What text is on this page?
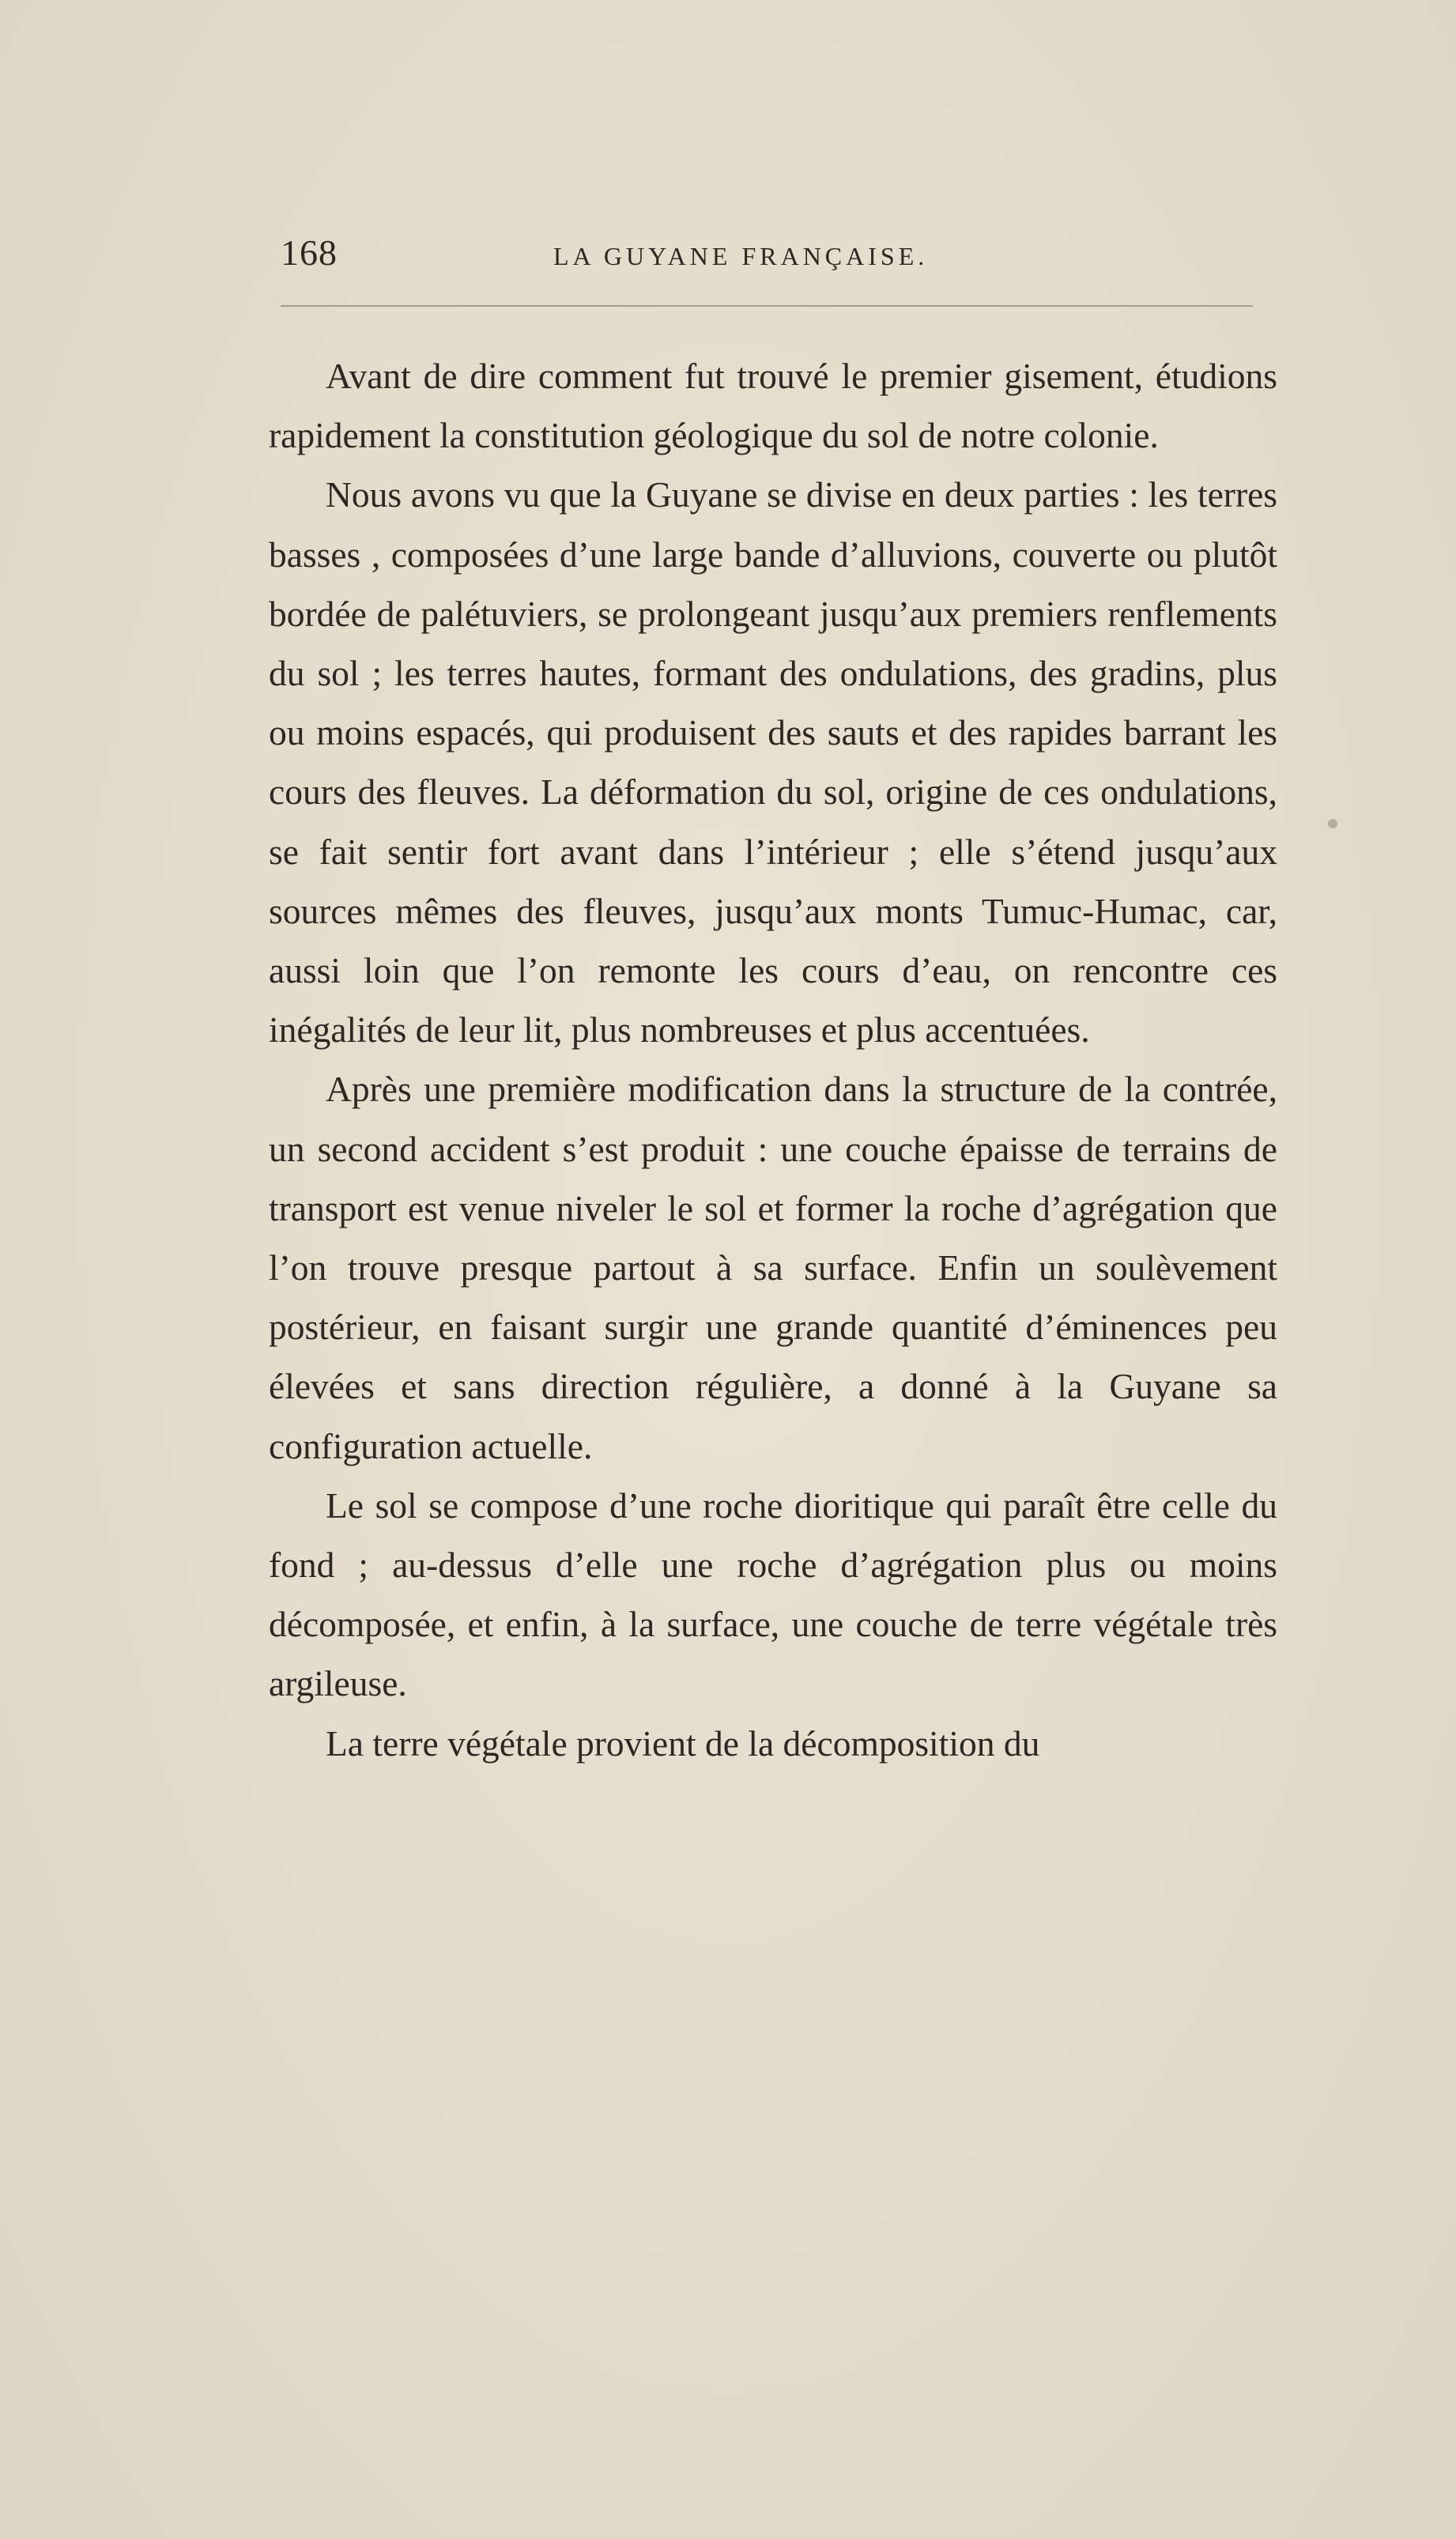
168	LA GUYANE FRANÇAISE.

Avant de dire comment fut trouvé le premier gisement, étudions rapidement la constitution géologique du sol de notre colonie.

Nous avons vu que la Guyane se divise en deux parties : les terres basses , composées d’une large bande d’alluvions, couverte ou plutôt bordée de palétuviers, se prolongeant jusqu’aux premiers renflements du sol ; les terres hautes, formant des ondulations, des gradins, plus ou moins espacés, qui produisent des sauts et des rapides barrant les cours des fleuves. La déformation du sol, origine de ces ondulations, se fait sentir fort avant dans l’intérieur ; elle s’étend jusqu’aux sources mêmes des fleuves, jusqu’aux monts Tumuc-Humac, car, aussi loin que l’on remonte les cours d’eau, on rencontre ces inégalités de leur lit, plus nombreuses et plus accentuées.

Après une première modification dans la structure de la contrée, un second accident s’est produit : une couche épaisse de terrains de transport est venue niveler le sol et former la roche d’agrégation que l’on trouve presque partout à sa surface. Enfin un soulèvement postérieur, en faisant surgir une grande quantité d’éminences peu élevées et sans direction régulière, a donné à la Guyane sa configuration actuelle.

Le sol se compose d’une roche dioritique qui paraît être celle du fond ; au-dessus d’elle une roche d’agrégation plus ou moins décomposée, et enfin, à la surface, une couche de terre végétale très argileuse.

La terre végétale provient de la décomposition du
